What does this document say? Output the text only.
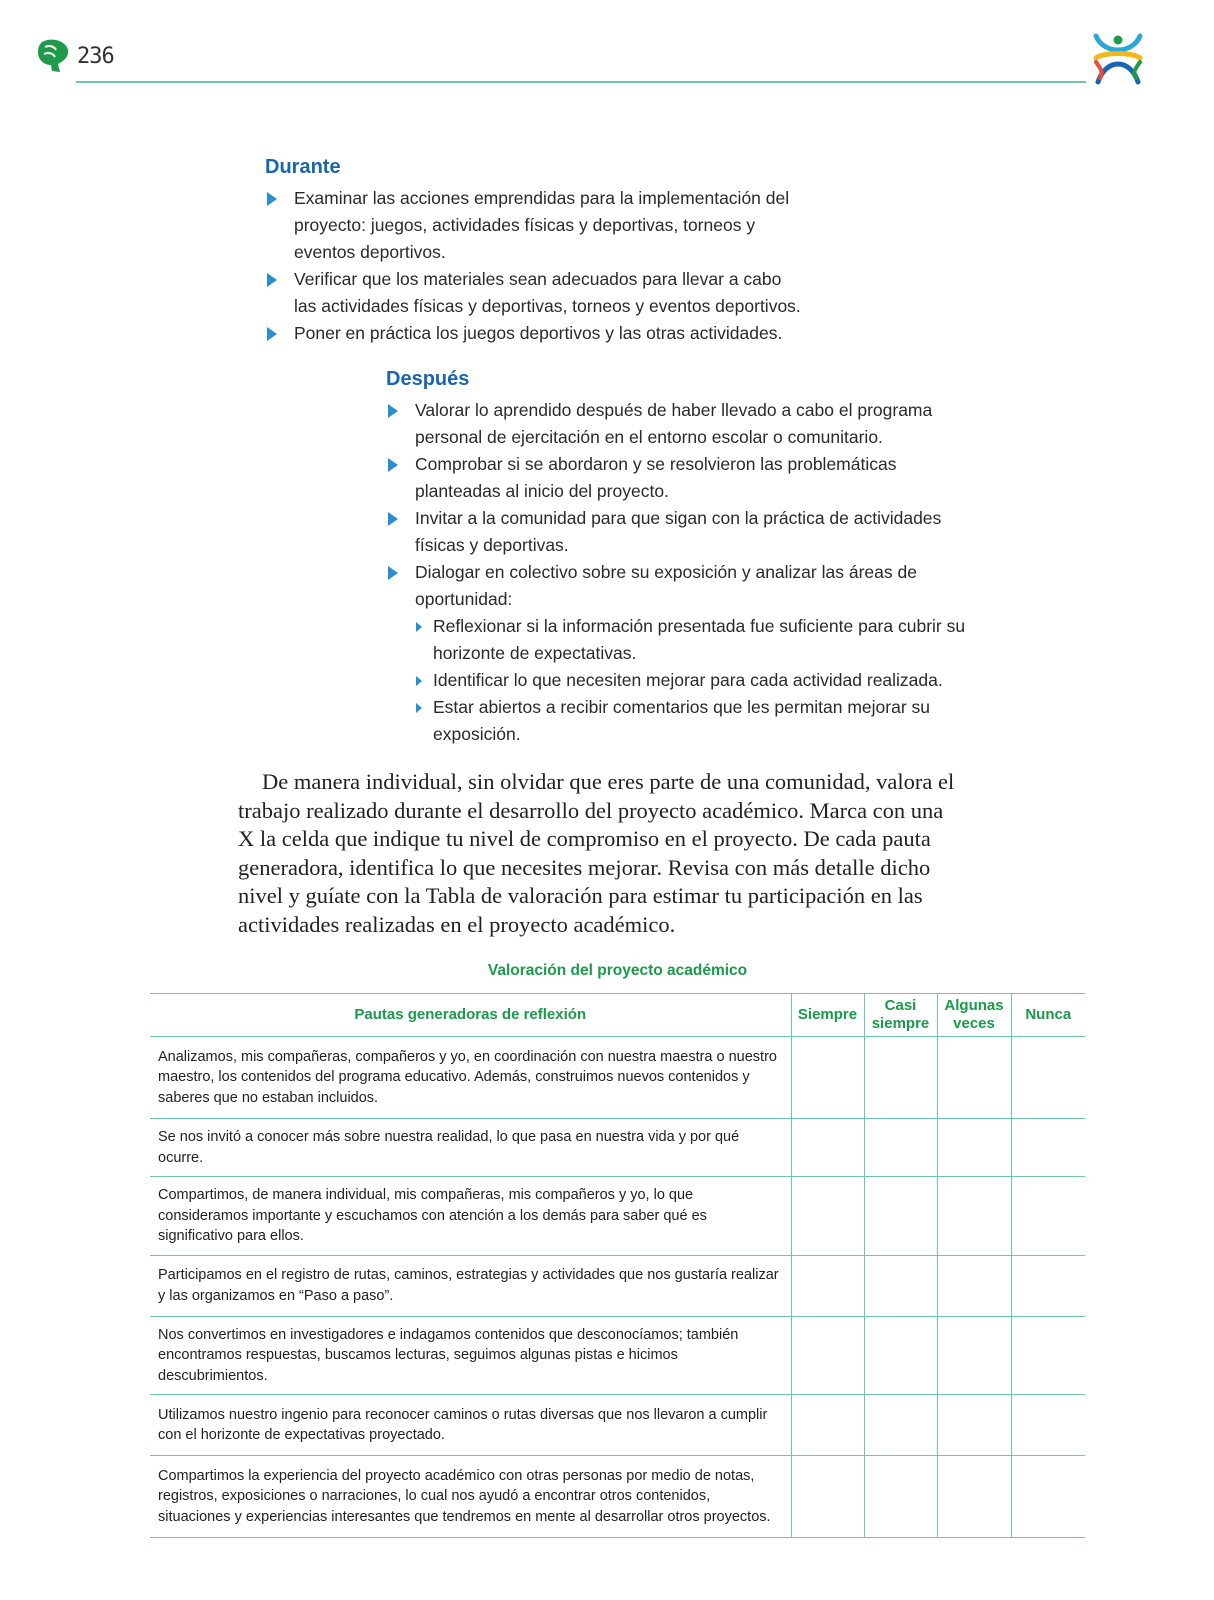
236
Durante
Examinar las acciones emprendidas para la implementación del proyecto: juegos, actividades físicas y deportivas, torneos y eventos deportivos.
Verificar que los materiales sean adecuados para llevar a cabo las actividades físicas y deportivas, torneos y eventos deportivos.
Poner en práctica los juegos deportivos y las otras actividades.
Después
Valorar lo aprendido después de haber llevado a cabo el programa personal de ejercitación en el entorno escolar o comunitario.
Comprobar si se abordaron y se resolvieron las problemáticas planteadas al inicio del proyecto.
Invitar a la comunidad para que sigan con la práctica de actividades físicas y deportivas.
Dialogar en colectivo sobre su exposición y analizar las áreas de oportunidad:
Reflexionar si la información presentada fue suficiente para cubrir su horizonte de expectativas.
Identificar lo que necesiten mejorar para cada actividad realizada.
Estar abiertos a recibir comentarios que les permitan mejorar su exposición.

De manera individual, sin olvidar que eres parte de una comunidad, valora el trabajo realizado durante el desarrollo del proyecto académico. Marca con una X la celda que indique tu nivel de compromiso en el proyecto. De cada pauta generadora, identifica lo que necesites mejorar. Revisa con más detalle dicho nivel y guíate con la Tabla de valoración para estimar tu participación en las actividades realizadas en el proyecto académico.

Valoración del proyecto académico
Pautas generadoras de reflexión	Siempre	Casi siempre	Algunas veces	Nunca
Analizamos, mis compañeras, compañeros y yo, en coordinación con nuestra maestra o nuestro maestro, los contenidos del programa educativo. Además, construimos nuevos contenidos y saberes que no estaban incluidos.				
Se nos invitó a conocer más sobre nuestra realidad, lo que pasa en nuestra vida y por qué ocurre.				
Compartimos, de manera individual, mis compañeras, mis compañeros y yo, lo que consideramos importante y escuchamos con atención a los demás para saber qué es significativo para ellos.				
Participamos en el registro de rutas, caminos, estrategias y actividades que nos gustaría realizar y las organizamos en “Paso a paso”.				
Nos convertimos en investigadores e indagamos contenidos que desconocíamos; también encontramos respuestas, buscamos lecturas, seguimos algunas pistas e hicimos descubrimientos.				
Utilizamos nuestro ingenio para reconocer caminos o rutas diversas que nos llevaron a cumplir con el horizonte de expectativas proyectado.				
Compartimos la experiencia del proyecto académico con otras personas por medio de notas, registros, exposiciones o narraciones, lo cual nos ayudó a encontrar otros contenidos, situaciones y experiencias interesantes que tendremos en mente al desarrollar otros proyectos.				
